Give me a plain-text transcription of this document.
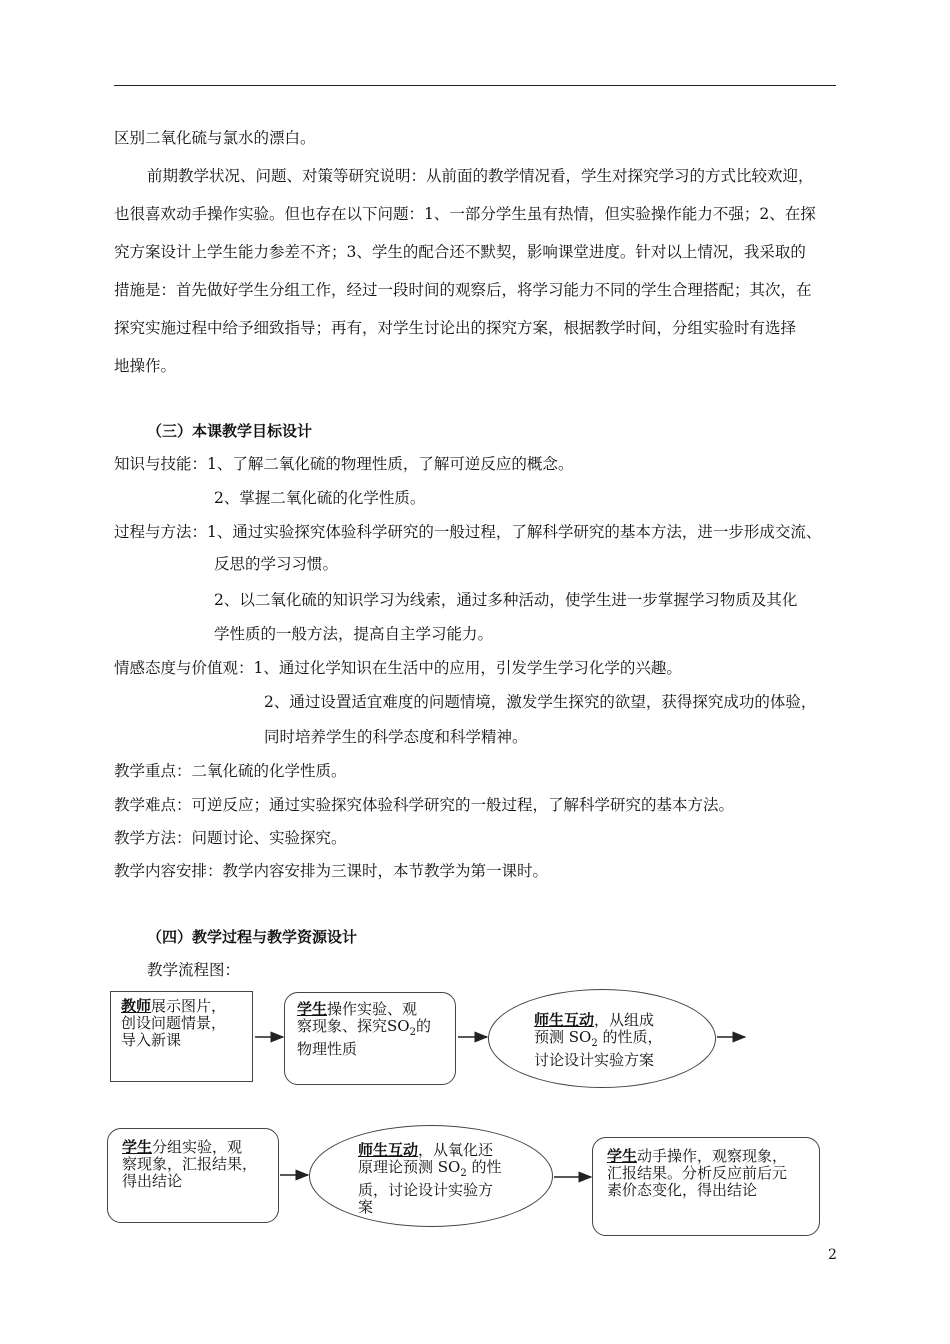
区别二氧化硫与氯水的漂白。
前期教学状况、问题、对策等研究说明：从前面的教学情况看，学生对探究学习的方式比较欢迎，
也很喜欢动手操作实验。但也存在以下问题：1、一部分学生虽有热情，但实验操作能力不强；2、在探
究方案设计上学生能力参差不齐；3、学生的配合还不默契，影响课堂进度。针对以上情况，我采取的
措施是：首先做好学生分组工作，经过一段时间的观察后，将学习能力不同的学生合理搭配；其次，在
探究实施过程中给予细致指导；再有，对学生讨论出的探究方案，根据教学时间，分组实验时有选择
地操作。
（三）本课教学目标设计
知识与技能：1、了解二氧化硫的物理性质，了解可逆反应的概念。
2、掌握二氧化硫的化学性质。
过程与方法：1、通过实验探究体验科学研究的一般过程，了解科学研究的基本方法，进一步形成交流、
反思的学习习惯。
2、以二氧化硫的知识学习为线索，通过多种活动，使学生进一步掌握学习物质及其化
学性质的一般方法，提高自主学习能力。
情感态度与价值观：1、通过化学知识在生活中的应用，引发学生学习化学的兴趣。
2、通过设置适宜难度的问题情境，激发学生探究的欲望，获得探究成功的体验，
同时培养学生的科学态度和科学精神。
教学重点：二氧化硫的化学性质。
教学难点：可逆反应；通过实验探究体验科学研究的一般过程，了解科学研究的基本方法。
教学方法：问题讨论、实验探究。
教学内容安排：教学内容安排为三课时，本节教学为第一课时。
（四）教学过程与教学资源设计
教学流程图：
教师展示图片，
创设问题情景，
导入新课
学生操作实验、观
察现象、探究$SO_2$的
物理性质
师生互动，从组成
预测 $SO_2$ 的性质，
讨论设计实验方案
学生分组实验，观
察现象，汇报结果，
得出结论
师生互动，从氧化还
原理论预测 $SO_2$ 的性
质，讨论设计实验方
案
学生动手操作，观察现象，
汇报结果。分析反应前后元
素价态变化，得出结论
2
